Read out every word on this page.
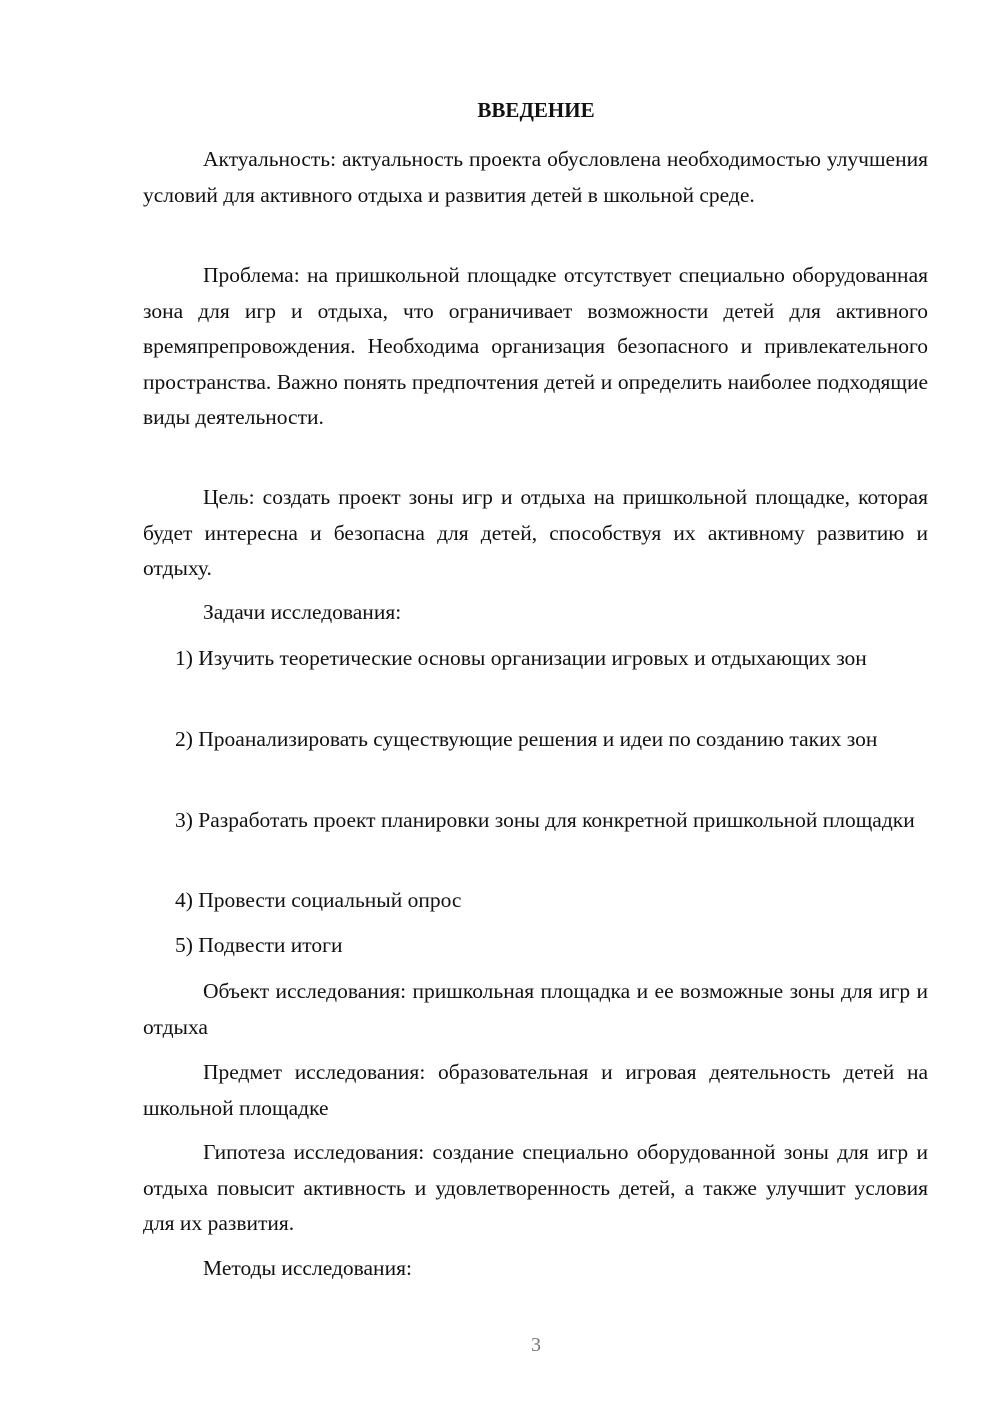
ВВЕДЕНИЕ

Актуальность: актуальность проекта обусловлена необходимостью улучшения условий для активного отдыха и развития детей в школьной среде.

Проблема: на пришкольной площадке отсутствует специально оборудованная зона для игр и отдыха, что ограничивает возможности детей для активного времяпрепровождения. Необходима организация безопасного и привлекательного пространства. Важно понять предпочтения детей и определить наиболее подходящие виды деятельности.

Цель: создать проект зоны игр и отдыха на пришкольной площадке, которая будет интересна и безопасна для детей, способствуя их активному развитию и отдыху.

Задачи исследования:

1) Изучить теоретические основы организации игровых и отдыхающих зон

2) Проанализировать существующие решения и идеи по созданию таких зон

3) Разработать проект планировки зоны для конкретной пришкольной площадки

4) Провести социальный опрос

5) Подвести итоги

Объект исследования: пришкольная площадка и ее возможные зоны для игр и отдыха

Предмет исследования: образовательная и игровая деятельность детей на школьной площадке

Гипотеза исследования: создание специально оборудованной зоны для игр и отдыха повысит активность и удовлетворенность детей, а также улучшит условия для их развития.

Методы исследования:

3
